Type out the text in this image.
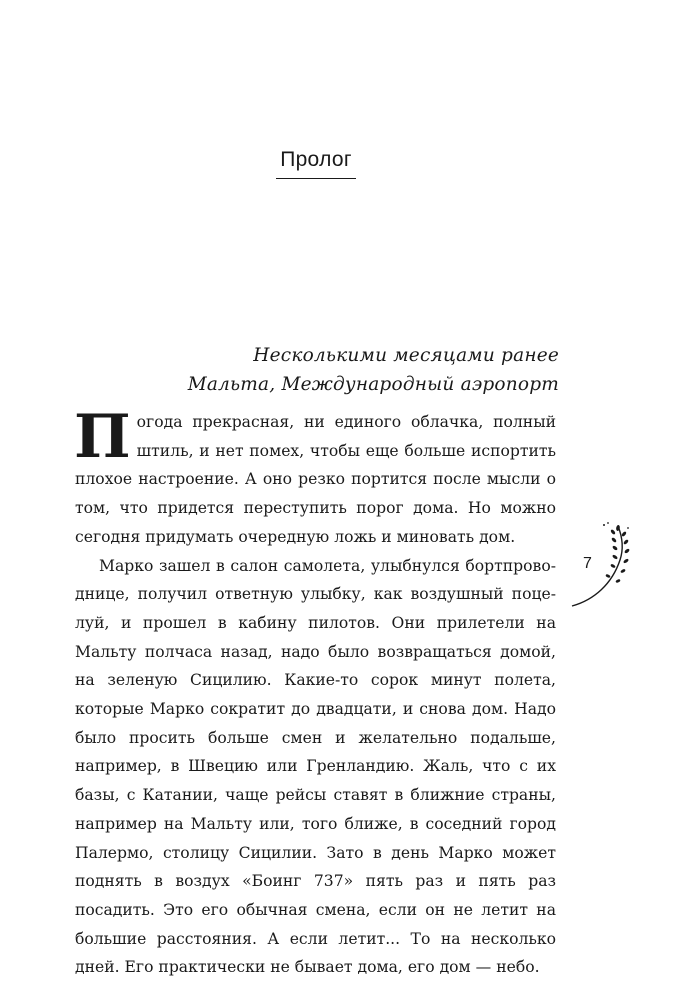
Пролог
Несколькими месяцами ранее
Мальта, Международный аэропорт

Погода прекрасная, ни единого облачка, полный штиль, и нет помех, чтобы еще больше испортить плохое настроение. А оно резко портится после мысли о том, что придется переступить порог дома. Но можно сегодня придумать очередную ложь и миновать дом.

Марко зашел в салон самолета, улыбнулся бортпроводнице, получил ответную улыбку, как воздушный поцелуй, и прошел в кабину пилотов. Они прилетели на Мальту полчаса назад, надо было возвращаться домой, на зеленую Сицилию. Какие-то сорок минут полета, которые Марко сократит до двадцати, и снова дом. Надо было просить больше смен и желательно подальше, например, в Швецию или Гренландию. Жаль, что с их базы, с Катании, чаще рейсы ставят в ближние страны, например на Мальту или, того ближе, в соседний город Палермо, столицу Сицилии. Зато в день Марко может поднять в воздух «Боинг 737» пять раз и пять раз посадить. Это его обычная смена, если он не летит на большие расстояния. А если летит... То на несколько дней. Его практически не бывает дома, его дом — небо.

7
